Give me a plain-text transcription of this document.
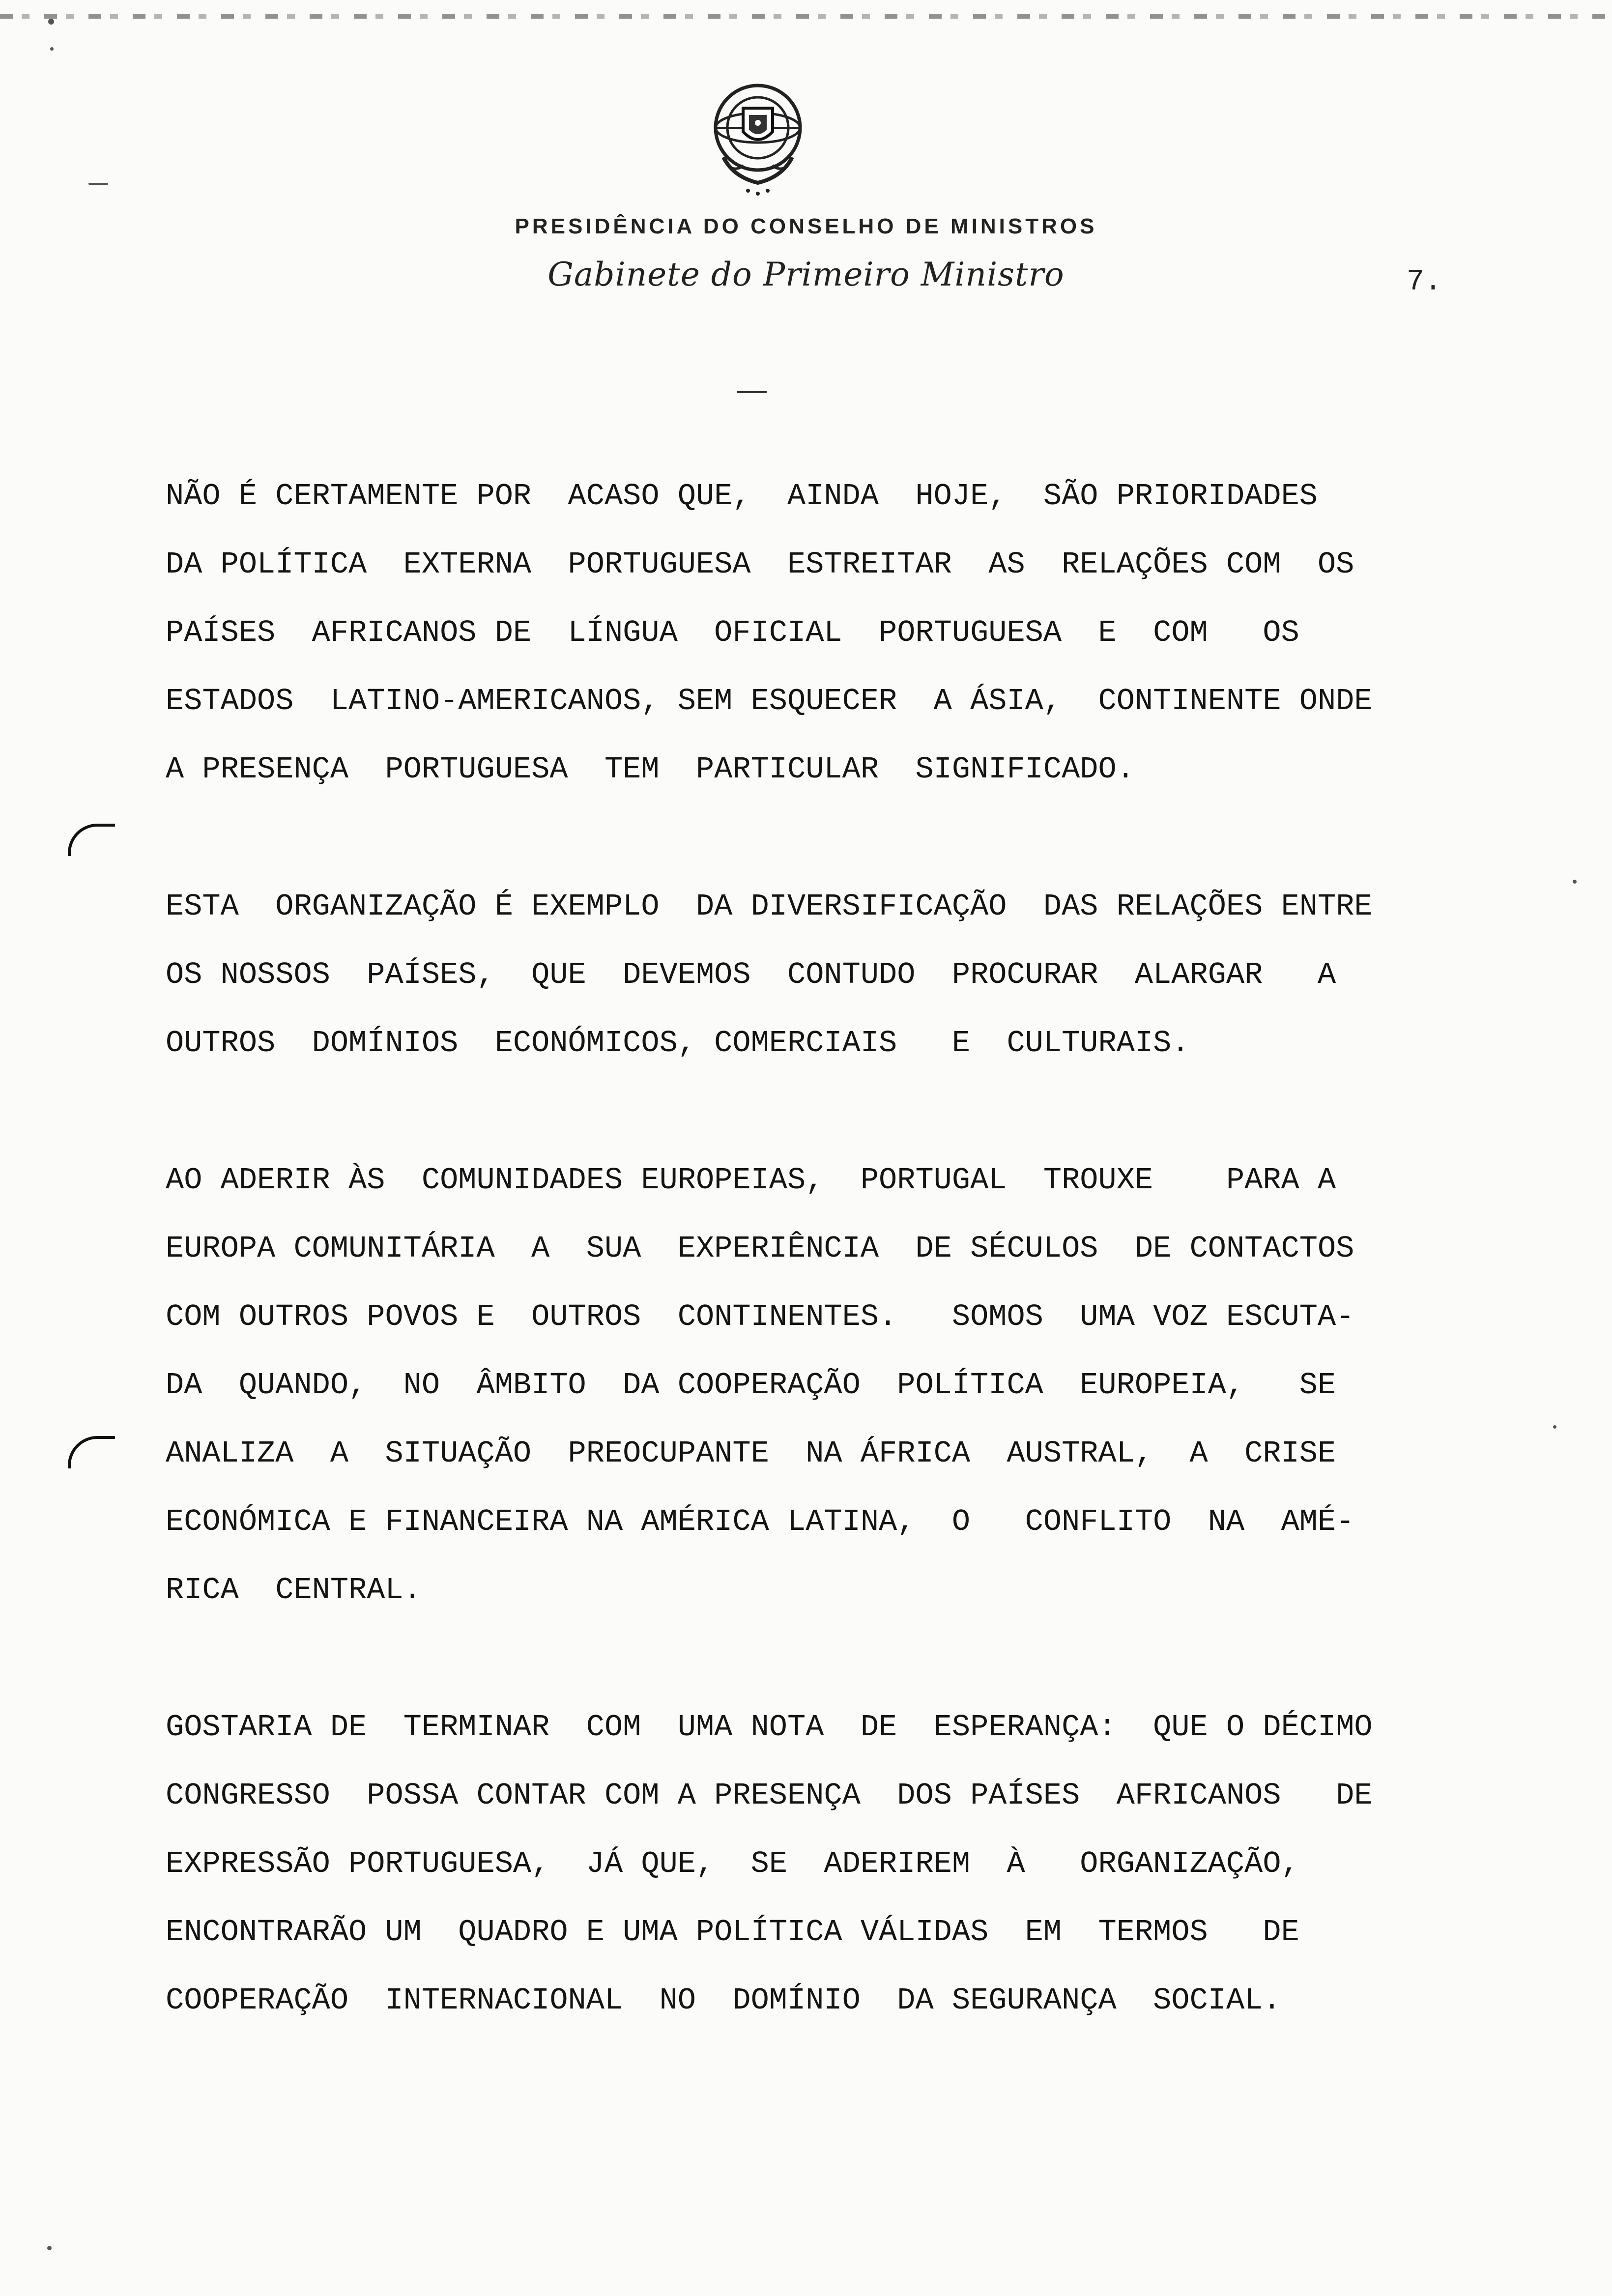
PRESIDÊNCIA DO CONSELHO DE MINISTROS
Gabinete do Primeiro Ministro	7.
NÃO É CERTAMENTE POR  ACASO QUE,  AINDA  HOJE,  SÃO PRIORIDADES
DA POLÍTICA  EXTERNA  PORTUGUESA  ESTREITAR  AS  RELAÇÕES COM  OS
PAÍSES  AFRICANOS DE  LÍNGUA  OFICIAL  PORTUGUESA  E  COM   OS
ESTADOS  LATINO-AMERICANOS, SEM ESQUECER  A ÁSIA,  CONTINENTE ONDE
A PRESENÇA  PORTUGUESA  TEM  PARTICULAR  SIGNIFICADO.
ESTA  ORGANIZAÇÃO É EXEMPLO  DA DIVERSIFICAÇÃO  DAS RELAÇÕES ENTRE
OS NOSSOS  PAÍSES,  QUE  DEVEMOS  CONTUDO  PROCURAR  ALARGAR   A
OUTROS  DOMÍNIOS  ECONÓMICOS, COMERCIAIS   E  CULTURAIS.
AO ADERIR ÀS  COMUNIDADES EUROPEIAS,  PORTUGAL  TROUXE    PARA A
EUROPA COMUNITÁRIA  A  SUA  EXPERIÊNCIA  DE SÉCULOS  DE CONTACTOS
COM OUTROS POVOS E  OUTROS  CONTINENTES.   SOMOS  UMA VOZ ESCUTA-
DA  QUANDO,  NO  ÂMBITO  DA COOPERAÇÃO  POLÍTICA  EUROPEIA,   SE
ANALIZA  A  SITUAÇÃO  PREOCUPANTE  NA ÁFRICA  AUSTRAL,  A  CRISE
ECONÓMICA E FINANCEIRA NA AMÉRICA LATINA,  O   CONFLITO  NA  AMÉ-
RICA  CENTRAL.
GOSTARIA DE  TERMINAR  COM  UMA NOTA  DE  ESPERANÇA:  QUE O DÉCIMO
CONGRESSO  POSSA CONTAR COM A PRESENÇA  DOS PAÍSES  AFRICANOS   DE
EXPRESSÃO PORTUGUESA,  JÁ QUE,  SE  ADERIREM  À   ORGANIZAÇÃO,
ENCONTRARÃO UM  QUADRO E UMA POLÍTICA VÁLIDAS  EM  TERMOS   DE
COOPERAÇÃO  INTERNACIONAL  NO  DOMÍNIO  DA SEGURANÇA  SOCIAL.
